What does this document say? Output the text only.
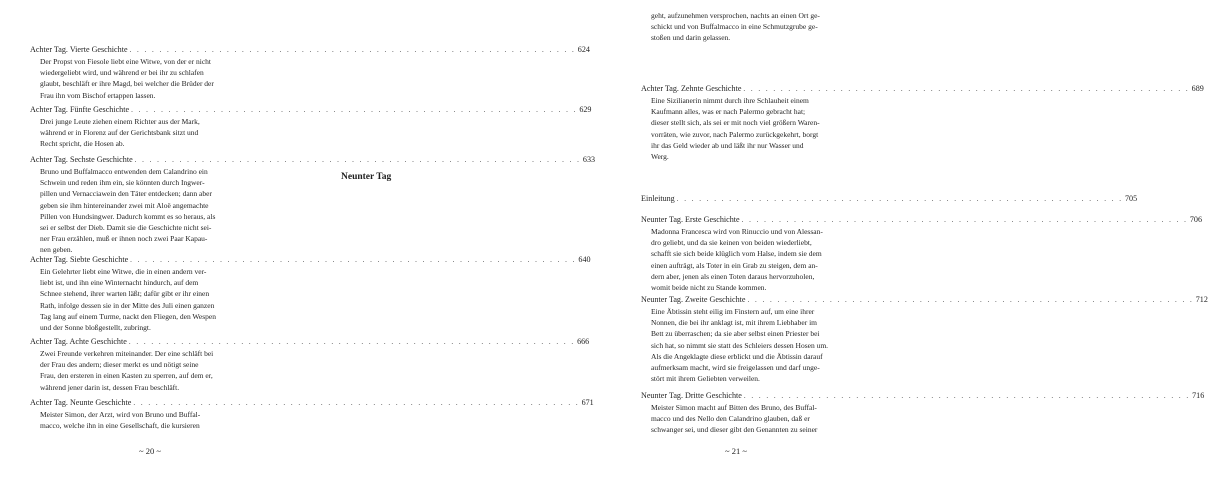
Achter Tag. Vierte Geschichte . . .	624
Der Propst von Fiesole liebt eine Witwe, von der er nicht
wiedergeliebt wird, und während er bei ihr zu schlafen
glaubt, beschläft er ihre Magd, bei welcher die Brüder der
Frau ihn vom Bischof ertappen lassen.
Achter Tag. Fünfte Geschichte . . .	629
Drei junge Leute ziehen einem Richter aus der Mark,
während er in Florenz auf der Gerichtsbank sitzt und
Recht spricht, die Hosen ab.
Achter Tag. Sechste Geschichte . . .	633
Bruno und Buffalmacco entwenden dem Calandrino ein
Schwein und reden ihm ein, sie könnten durch Ingwer-
pillen und Vernacciawein den Täter entdecken; dann aber
geben sie ihm hintereinander zwei mit Aloë angemachte
Pillen von Hundsingwer. Dadurch kommt es so heraus, als
sei er selbst der Dieb. Damit sie die Geschichte nicht sei-
ner Frau erzählen, muß er ihnen noch zwei Paar Kapau-
nen geben.
Achter Tag. Siebte Geschichte . . .	640
Ein Gelehrter liebt eine Witwe, die in einen andern ver-
liebt ist, und ihn eine Winternacht hindurch, auf dem
Schnee stehend, ihrer warten läßt; dafür gibt er ihr einen
Rath, infolge dessen sie in der Mitte des Juli einen ganzen
Tag lang auf einem Turme, nackt den Fliegen, den Wespen
und der Sonne bloßgestellt, zubringt.
Achter Tag. Achte Geschichte . . .	666
Zwei Freunde verkehren miteinander. Der eine schläft bei
der Frau des andern; dieser merkt es und nötigt seine
Frau, den ersteren in einen Kasten zu sperren, auf dem er,
während jener darin ist, dessen Frau beschläft.
Achter Tag. Neunte Geschichte . . .	671
Meister Simon, der Arzt, wird von Bruno und Buffal-
macco, welche ihn in eine Gesellschaft, die kursieren
~ 20 ~
geht, aufzunehmen versprochen, nachts an einen Ort ge-
schickt und von Buffalmacco in eine Schmutzgrube ge-
stoßen und darin gelassen.
Achter Tag. Zehnte Geschichte . . .	689
Eine Sizilianerin nimmt durch ihre Schlauheit einem
Kaufmann alles, was er nach Palermo gebracht hat;
dieser stellt sich, als sei er mit noch viel größern Waren-
vorräten, wie zuvor, nach Palermo zurückgekehrt, borgt
ihr das Geld wieder ab und läßt ihr nur Wasser und
Werg.
Einleitung . . .	705
Neunter Tag. Erste Geschichte . . .	706
Madonna Francesca wird von Rinuccio und von Alessan-
dro geliebt, und da sie keinen von beiden wiederliebt,
schafft sie sich beide klüglich vom Halse, indem sie dem
einen aufträgt, als Toter in ein Grab zu steigen, dem an-
dern aber, jenen als einen Toten daraus hervorzuholen,
womit beide nicht zu Stande kommen.
Neunter Tag. Zweite Geschichte . . .	712
Eine Äbtissin steht eilig im Finstern auf, um eine ihrer
Nonnen, die bei ihr anklagt ist, mit ihrem Liebhaber im
Bett zu überraschen; da sie aber selbst einen Priester bei
sich hat, so nimmt sie statt des Schleiers dessen Hosen um.
Als die Angeklagte diese erblickt und die Äbtissin darauf
aufmerksam macht, wird sie freigelassen und darf unge-
stört mit ihrem Geliebten verweilen.
Neunter Tag. Dritte Geschichte . . .	716
Meister Simon macht auf Bitten des Bruno, des Buffal-
macco und des Nello den Calandrino glauben, daß er
schwanger sei, und dieser gibt den Genannten zu seiner
~ 21 ~
Neunter Tag
